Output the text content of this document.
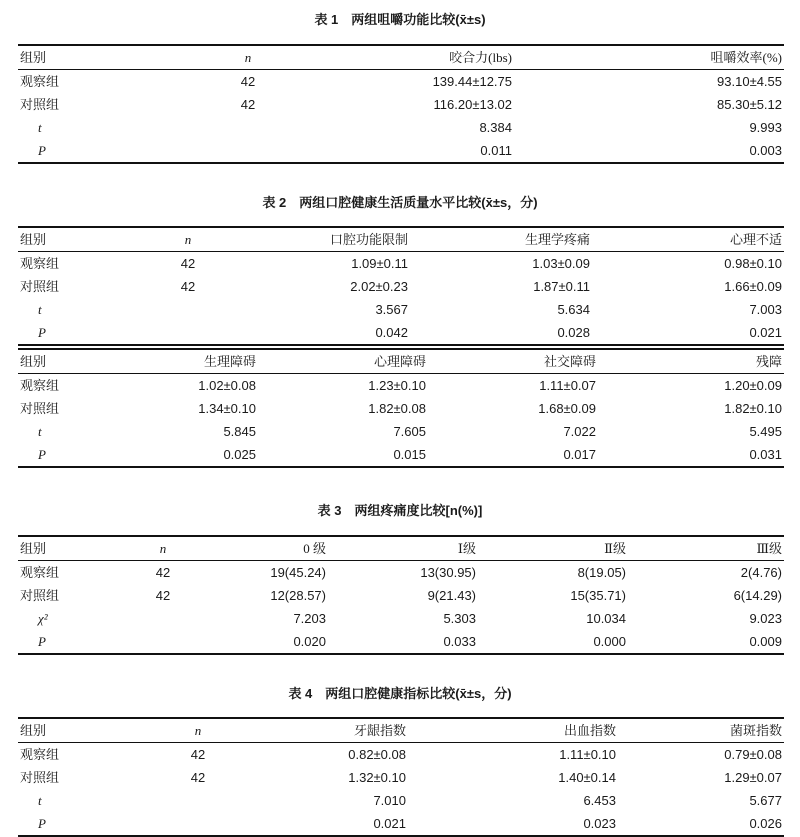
表 1　两组咀嚼功能比较(x̄±s)
组别	n	咬合力(lbs)	咀嚼效率(%)
观察组	42	139.44±12.75	93.10±4.55
对照组	42	116.20±13.02	85.30±5.12
t		8.384	9.993
P		0.011	0.003
表 2　两组口腔健康生活质量水平比较(x̄±s，分)
组别	n	口腔功能限制	生理学疼痛	心理不适
观察组	42	1.09±0.11	1.03±0.09	0.98±0.10
对照组	42	2.02±0.23	1.87±0.11	1.66±0.09
t		3.567	5.634	7.003
P		0.042	0.028	0.021
组别	生理障碍	心理障碍	社交障碍	残障
观察组	1.02±0.08	1.23±0.10	1.11±0.07	1.20±0.09
对照组	1.34±0.10	1.82±0.08	1.68±0.09	1.82±0.10
t	5.845	7.605	7.022	5.495
P	0.025	0.015	0.017	0.031
表 3　两组疼痛度比较[n(%)]
组别	n	0 级	Ⅰ级	Ⅱ级	Ⅲ级
观察组	42	19(45.24)	13(30.95)	8(19.05)	2(4.76)
对照组	42	12(28.57)	9(21.43)	15(35.71)	6(14.29)
χ²		7.203	5.303	10.034	9.023
P		0.020	0.033	0.000	0.009
表 4　两组口腔健康指标比较(x̄±s，分)
组别	n	牙龈指数	出血指数	菌斑指数
观察组	42	0.82±0.08	1.11±0.10	0.79±0.08
对照组	42	1.32±0.10	1.40±0.14	1.29±0.07
t		7.010	6.453	5.677
P		0.021	0.023	0.026
